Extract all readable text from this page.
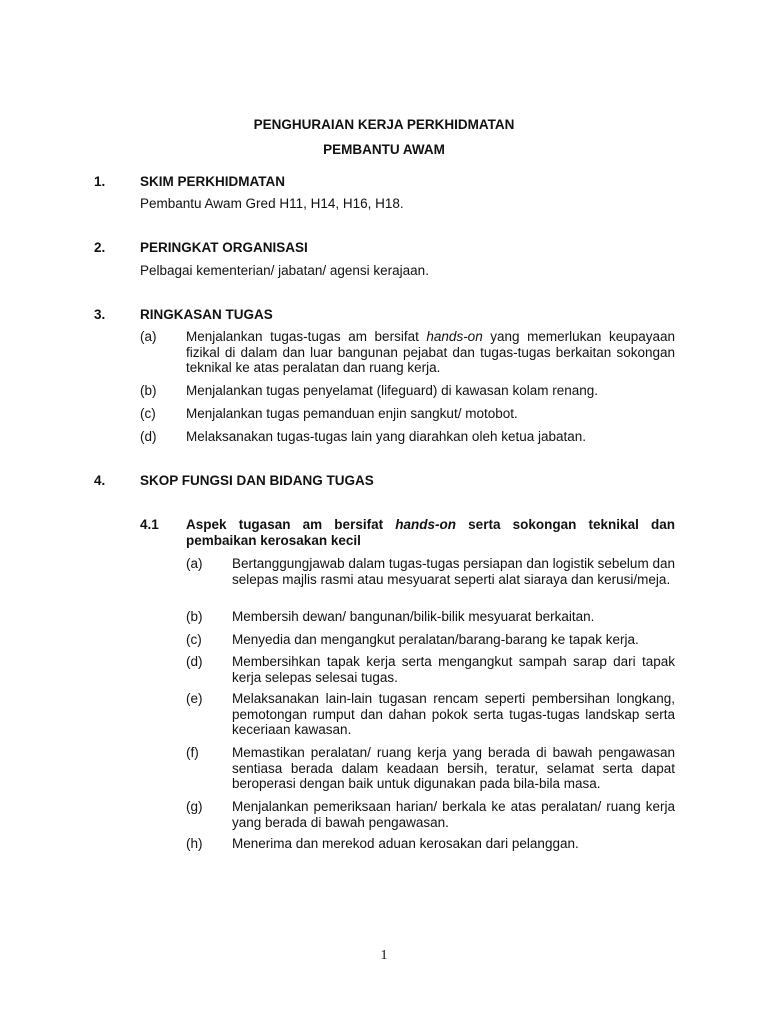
PENGHURAIAN KERJA PERKHIDMATAN
PEMBANTU AWAM
1.	SKIM PERKHIDMATAN
Pembantu Awam Gred H11, H14, H16, H18.
2.	PERINGKAT ORGANISASI
Pelbagai kementerian/ jabatan/ agensi kerajaan.
3.	RINGKASAN TUGAS
(a) Menjalankan tugas-tugas am bersifat hands-on yang memerlukan keupayaan fizikal di dalam dan luar bangunan pejabat dan tugas-tugas berkaitan sokongan teknikal ke atas peralatan dan ruang kerja.
(b) Menjalankan tugas penyelamat (lifeguard) di kawasan kolam renang.
(c) Menjalankan tugas pemanduan enjin sangkut/ motobot.
(d) Melaksanakan tugas-tugas lain yang diarahkan oleh ketua jabatan.
4.	SKOP FUNGSI DAN BIDANG TUGAS
4.1 Aspek tugasan am bersifat hands-on serta sokongan teknikal dan pembaikan kerosakan kecil
(a) Bertanggungjawab dalam tugas-tugas persiapan dan logistik sebelum dan selepas majlis rasmi atau mesyuarat seperti alat siaraya dan kerusi/meja.
(b) Membersih dewan/ bangunan/bilik-bilik mesyuarat berkaitan.
(c) Menyedia dan mengangkut peralatan/barang-barang ke tapak kerja.
(d) Membersihkan tapak kerja serta mengangkut sampah sarap dari tapak kerja selepas selesai tugas.
(e) Melaksanakan lain-lain tugasan rencam seperti pembersihan longkang, pemotongan rumput dan dahan pokok serta tugas-tugas landskap serta keceriaan kawasan.
(f) Memastikan peralatan/ ruang kerja yang berada di bawah pengawasan sentiasa berada dalam keadaan bersih, teratur, selamat serta dapat beroperasi dengan baik untuk digunakan pada bila-bila masa.
(g) Menjalankan pemeriksaan harian/ berkala ke atas peralatan/ ruang kerja yang berada di bawah pengawasan.
(h) Menerima dan merekod aduan kerosakan dari pelanggan.
1
